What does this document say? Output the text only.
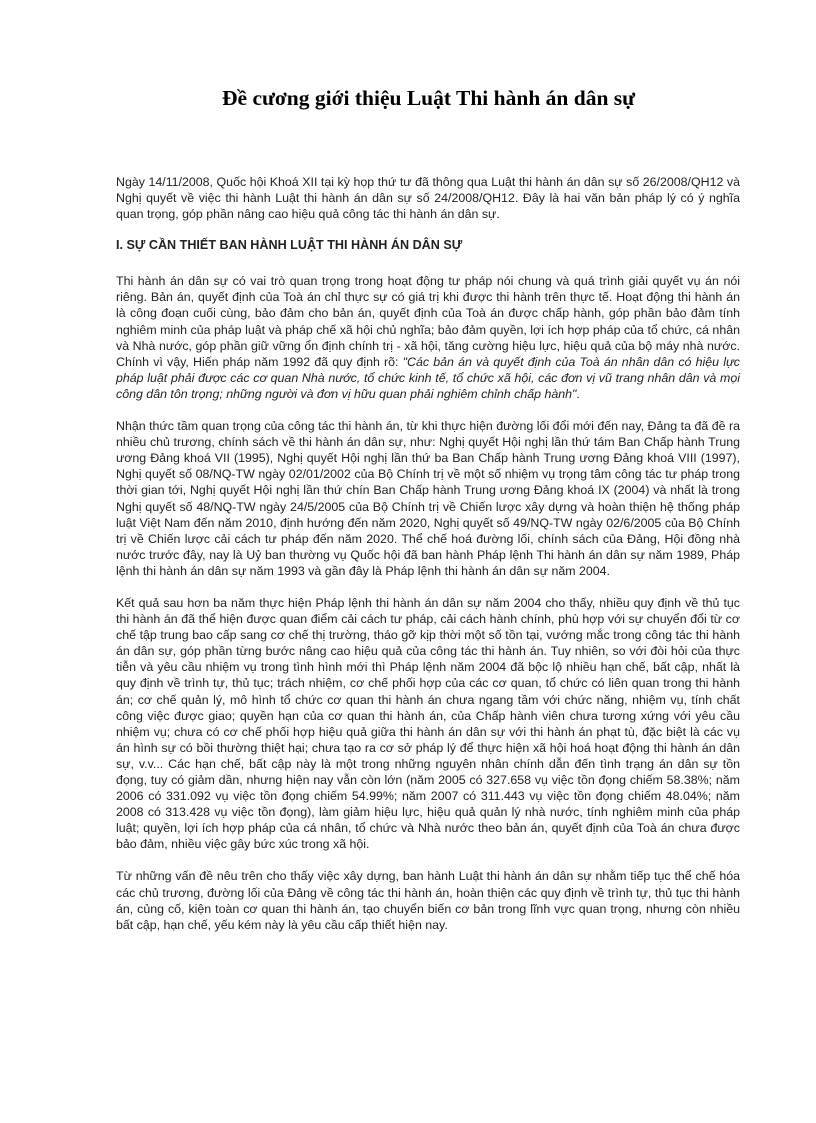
Đề cương giới thiệu Luật Thi hành án dân sự

Ngày 14/11/2008, Quốc hội Khoá XII tại kỳ họp thứ tư đã thông qua Luật thi hành án dân sự số 26/2008/QH12 và Nghị quyết về việc thi hành Luật thi hành án dân sự số 24/2008/QH12. Đây là hai văn bản pháp lý có ý nghĩa quan trọng, góp phần nâng cao hiệu quả công tác thi hành án dân sự.

I. SỰ CẦN THIẾT BAN HÀNH LUẬT THI HÀNH ÁN DÂN SỰ

Thi hành án dân sự có vai trò quan trọng trong hoạt động tư pháp nói chung và quá trình giải quyết vụ án nói riêng. Bản án, quyết định của Toà án chỉ thực sự có giá trị khi được thi hành trên thực tế. Hoạt động thi hành án là công đoạn cuối cùng, bảo đảm cho bản án, quyết định của Toà án được chấp hành, góp phần bảo đảm tính nghiêm minh của pháp luật và pháp chế xã hội chủ nghĩa; bảo đảm quyền, lợi ích hợp pháp của tổ chức, cá nhân và Nhà nước, góp phần giữ vững ổn định chính trị - xã hội, tăng cường hiệu lực, hiệu quả của bộ máy nhà nước. Chính vì vậy, Hiến pháp năm 1992 đã quy định rõ: "Các bản án và quyết định của Toà án nhân dân có hiệu lực pháp luật phải được các cơ quan Nhà nước, tổ chức kinh tế, tổ chức xã hội, các đơn vị vũ trang nhân dân và mọi công dân tôn trọng; những người và đơn vị hữu quan phải nghiêm chỉnh chấp hành".

Nhận thức tầm quan trọng của công tác thi hành án, từ khi thực hiện đường lối đổi mới đến nay, Đảng ta đã đề ra nhiều chủ trương, chính sách về thi hành án dân sự, như: Nghị quyết Hội nghị lần thứ tám Ban Chấp hành Trung ương Đảng khoá VII (1995), Nghị quyết Hội nghị lần thứ ba Ban Chấp hành Trung ương Đảng khoá VIII (1997), Nghị quyết số 08/NQ-TW ngày 02/01/2002 của Bộ Chính trị về một số nhiệm vụ trọng tâm công tác tư pháp trong thời gian tới, Nghị quyết Hội nghị lần thứ chín Ban Chấp hành Trung ương Đảng khoá IX (2004) và nhất là trong Nghị quyết số 48/NQ-TW ngày 24/5/2005 của Bộ Chính trị về Chiến lược xây dựng và hoàn thiện hệ thống pháp luật Việt Nam đến năm 2010, định hướng đến năm 2020, Nghị quyết số 49/NQ-TW ngày 02/6/2005 của Bộ Chính trị về Chiến lược cải cách tư pháp đến năm 2020. Thể chế hoá đường lối, chính sách của Đảng, Hội đồng nhà nước trước đây, nay là Uỷ ban thường vụ Quốc hội đã ban hành Pháp lệnh Thi hành án dân sự năm 1989, Pháp lệnh thi hành án dân sự năm 1993 và gần đây là Pháp lệnh thi hành án dân sự năm 2004.

Kết quả sau hơn ba năm thực hiện Pháp lệnh thi hành án dân sự năm 2004 cho thấy, nhiều quy định về thủ tục thi hành án đã thể hiện được quan điểm cải cách tư pháp, cải cách hành chính, phù hợp với sự chuyển đổi từ cơ chế tập trung bao cấp sang cơ chế thị trường, tháo gỡ kịp thời một số tồn tại, vướng mắc trong công tác thi hành án dân sự, góp phần từng bước nâng cao hiệu quả của công tác thi hành án. Tuy nhiên, so với đòi hỏi của thực tiễn và yêu cầu nhiệm vụ trong tình hình mới thì Pháp lệnh năm 2004 đã bộc lộ nhiều hạn chế, bất cập, nhất là quy định về trình tự, thủ tục; trách nhiệm, cơ chế phối hợp của các cơ quan, tổ chức có liên quan trong thi hành án; cơ chế quản lý, mô hình tổ chức cơ quan thi hành án chưa ngang tầm với chức năng, nhiệm vụ, tính chất công việc được giao; quyền hạn của cơ quan thi hành án, của Chấp hành viên chưa tương xứng với yêu cầu nhiệm vụ; chưa có cơ chế phối hợp hiệu quả giữa thi hành án dân sự với thi hành án phạt tù, đặc biệt là các vụ án hình sự có bồi thường thiệt hại; chưa tạo ra cơ sở pháp lý để thực hiện xã hội hoá hoạt động thi hành án dân sự, v.v... Các hạn chế, bất cập này là một trong những nguyên nhân chính dẫn đến tình trạng án dân sự tồn đọng, tuy có giảm dần, nhưng hiện nay vẫn còn lớn (năm 2005 có 327.658 vụ việc tồn đọng chiếm 58.38%; năm 2006 có 331.092 vụ việc tồn đọng chiếm 54.99%; năm 2007 có 311.443 vụ việc tồn đọng chiếm 48.04%; năm 2008 có 313.428 vụ việc tồn đọng), làm giảm hiệu lực, hiệu quả quản lý nhà nước, tính nghiêm minh của pháp luật; quyền, lợi ích hợp pháp của cá nhân, tổ chức và Nhà nước theo bản án, quyết định của Toà án chưa được bảo đảm, nhiều việc gây bức xúc trong xã hội.

Từ những vấn đề nêu trên cho thấy việc xây dựng, ban hành Luật thi hành án dân sự nhằm tiếp tục thể chế hóa các chủ trương, đường lối của Đảng về công tác thi hành án, hoàn thiện các quy định về trình tự, thủ tục thi hành án, củng cố, kiện toàn cơ quan thi hành án, tạo chuyển biến cơ bản trong lĩnh vực quan trọng, nhưng còn nhiều bất cập, hạn chế, yếu kém này là yêu cầu cấp thiết hiện nay.
